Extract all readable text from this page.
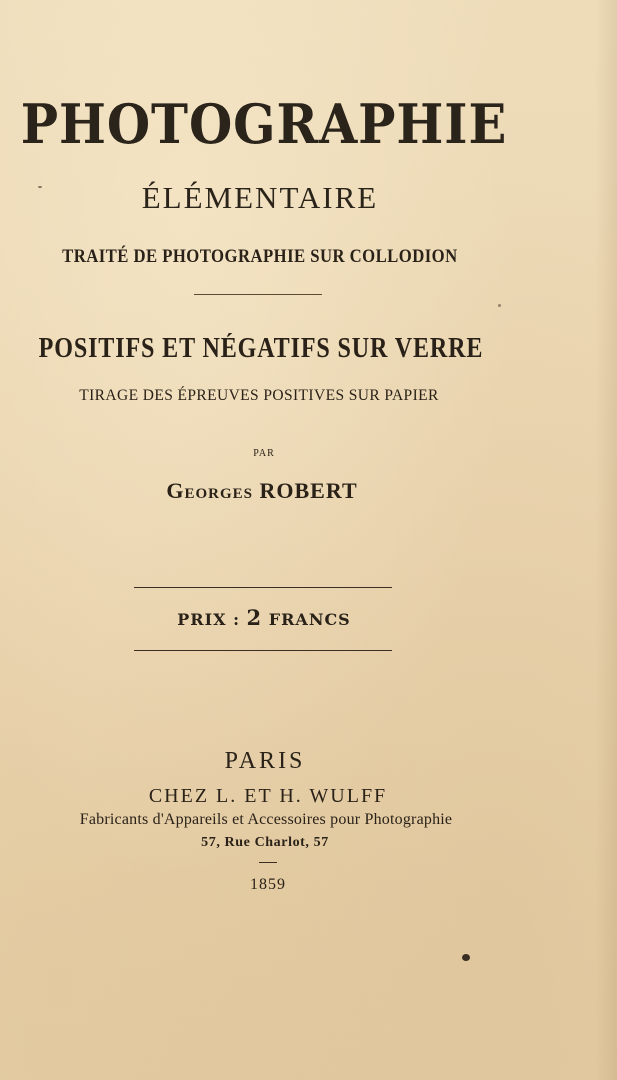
PHOTOGRAPHIE
ÉLÉMENTAIRE
TRAITÉ DE PHOTOGRAPHIE SUR COLLODION
POSITIFS ET NÉGATIFS SUR VERRE
TIRAGE DES ÉPREUVES POSITIVES SUR PAPIER
PAR
Georges ROBERT
PRIX : 2 FRANCS
PARIS
CHEZ L. ET H. WULFF
Fabricants d'Appareils et Accessoires pour Photographie
57, Rue Charlot, 57
1859
